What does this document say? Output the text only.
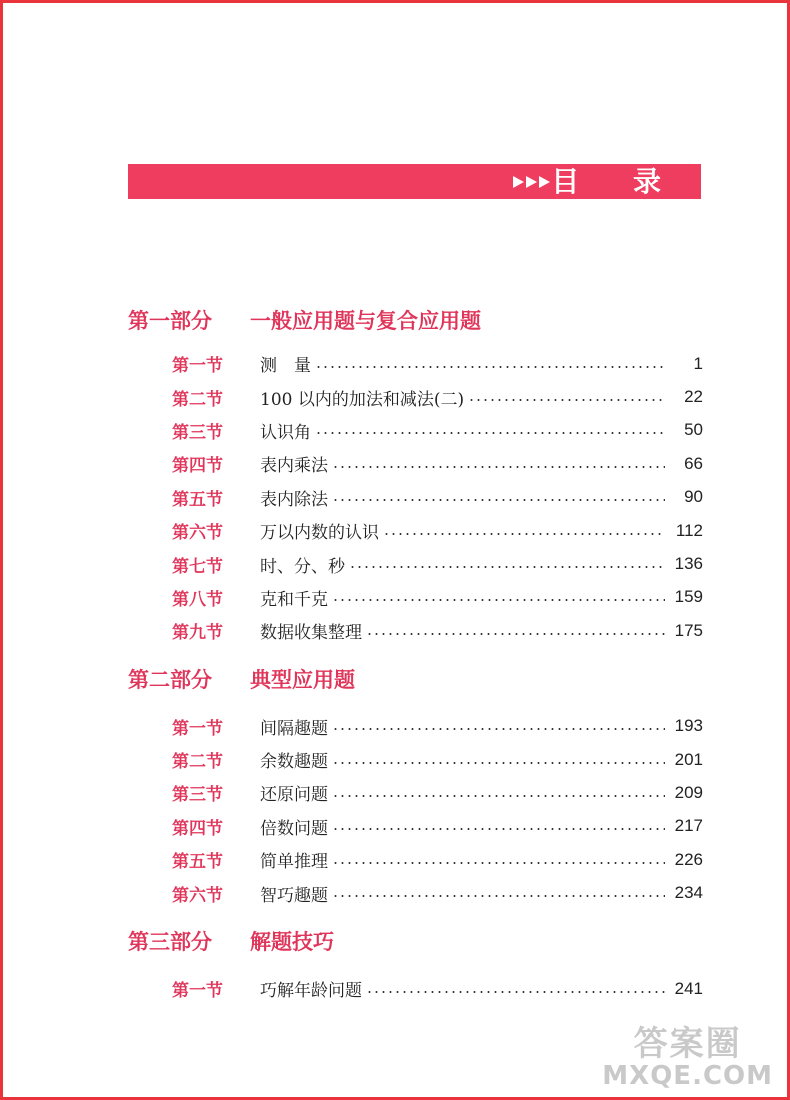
目 录
第一部分	一般应用题与复合应用题
第一节	测　量	1
第二节	100 以内的加法和减法(二)	22
第三节	认识角	50
第四节	表内乘法	66
第五节	表内除法	90
第六节	万以内数的认识	112
第七节	时、分、秒	136
第八节	克和千克	159
第九节	数据收集整理	175
第二部分	典型应用题
第一节	间隔趣题	193
第二节	余数趣题	201
第三节	还原问题	209
第四节	倍数问题	217
第五节	简单推理	226
第六节	智巧趣题	234
第三部分	解题技巧
第一节	巧解年龄问题	241
答案圈
MXQE.COM
